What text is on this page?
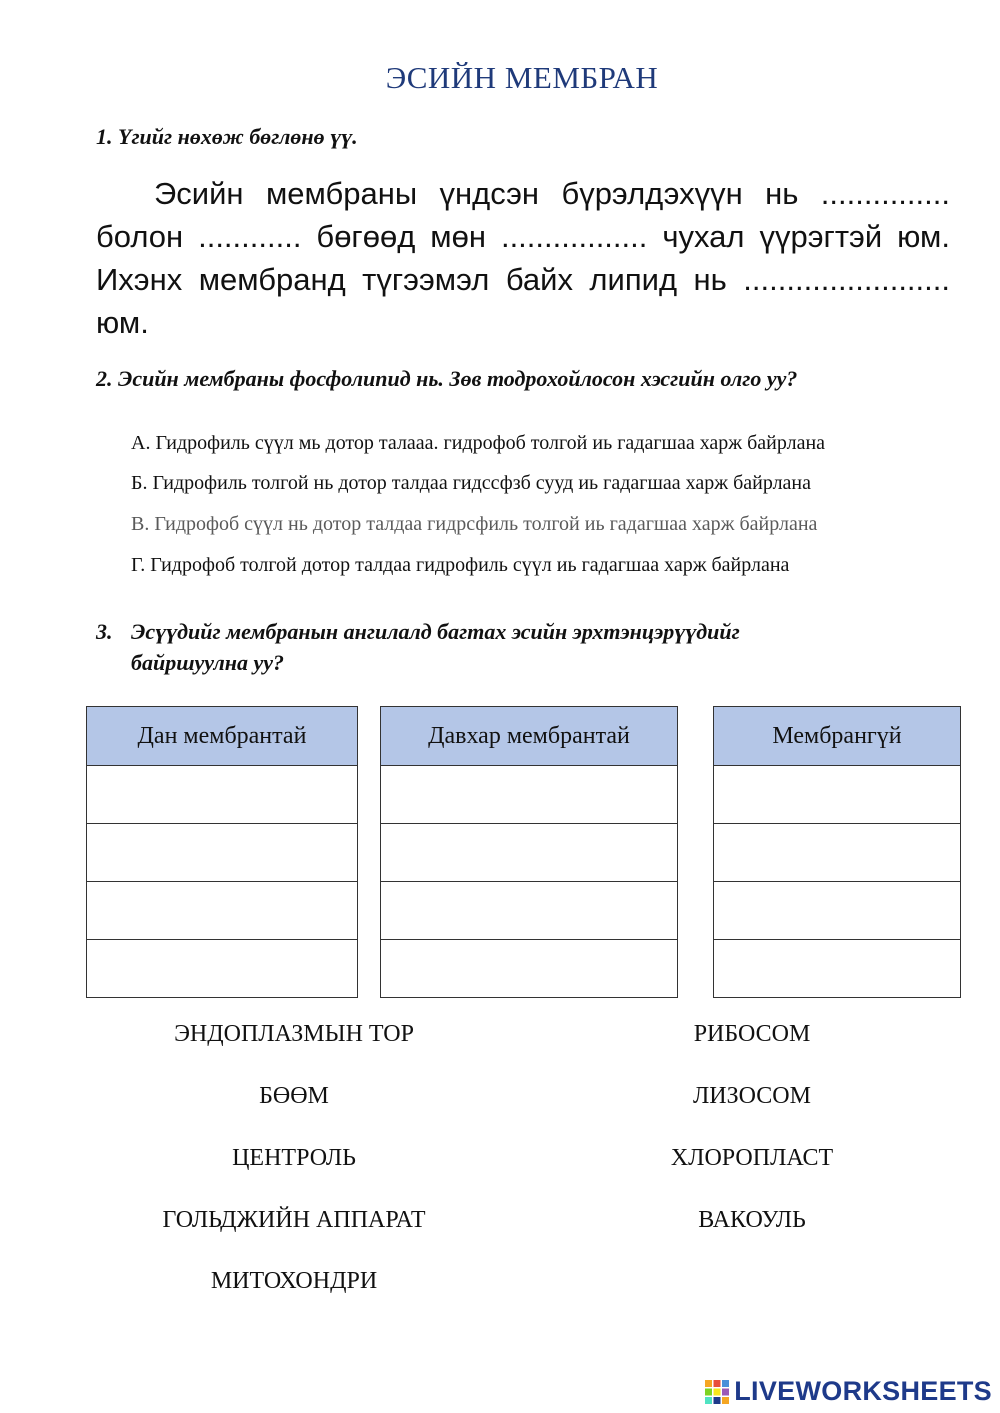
ЭСИЙН МЕМБРАН
1. Үгийг нөхөж бөглөнө үү.
Эсийн мембраны үндсэн бүрэлдэхүүн нь ............... болон ............ бөгөөд мөн ................. чухал үүрэгтэй юм. Ихэнх мембранд түгээмэл байх липид нь ........................ юм.
2. Эсийн мембраны фосфолипид нь. Зөв тодрохойлосон хэсгийн олго уу?
А. Гидрофиль сүүл мь дотор талааа. гидрофоб толгой иь гадагшаа харж байрлана
Б. Гидрофиль толгой нь дотор талдаа гидссфзб сууд иь гадагшаа харж байрлана
В. Гидрофоб сүүл нь дотор талдаа гидрсфиль толгой иь гадагшаа харж байрлана
Г. Гидрофоб толгой дотор талдаа гидрофиль сүүл иь гадагшаа харж байрлана
3. Эсүүдийг мембранын ангилалд багтах эсийн эрхтэнцэрүүдийг
байршуулна уу?
Дан мембрантай	Давхар мембрантай	Мембрангүй

ЭНДОПЛАЗМЫН ТОР
БӨӨМ
ЦЕНТРОЛЬ
ГОЛЬДЖИЙН АППАРАТ
МИТОХОНДРИ
РИБОСОМ
ЛИЗОСОМ
ХЛОРОПЛАСТ
ВАКОУЛЬ
LIVEWORKSHEETS
